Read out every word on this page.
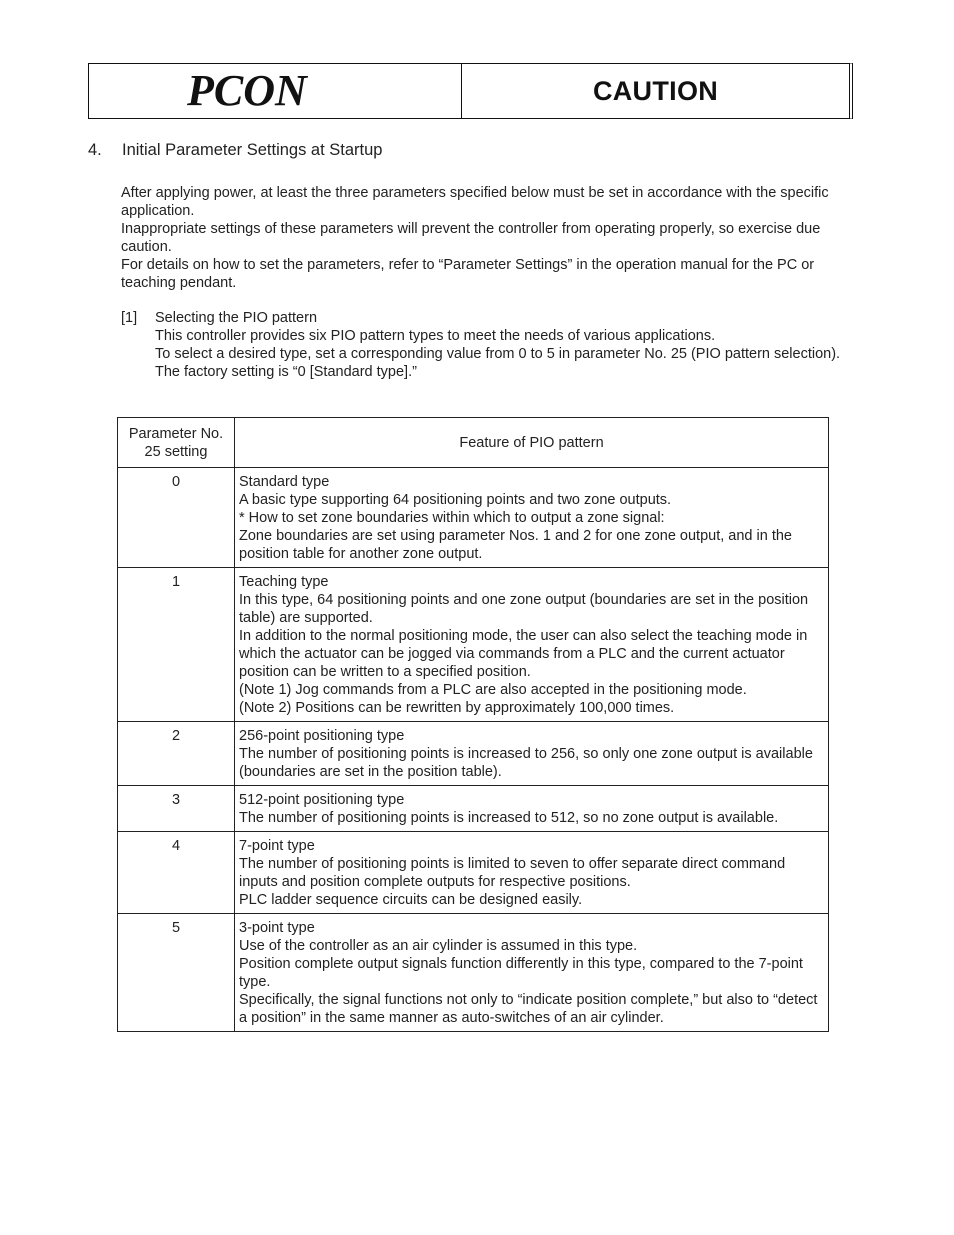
PCON	CAUTION
4. Initial Parameter Settings at Startup

After applying power, at least the three parameters specified below must be set in accordance with the specific application.

Inappropriate settings of these parameters will prevent the controller from operating properly, so exercise due caution.

For details on how to set the parameters, refer to “Parameter Settings” in the operation manual for the PC or teaching pendant.

[1]	Selecting the PIO pattern

This controller provides six PIO pattern types to meet the needs of various applications.

To select a desired type, set a corresponding value from 0 to 5 in parameter No. 25 (PIO pattern selection).

The factory setting is “0 [Standard type].”

Parameter No. 25 setting	Feature of PIO pattern
0	Standard type
A basic type supporting 64 positioning points and two zone outputs.
* How to set zone boundaries within which to output a zone signal:
Zone boundaries are set using parameter Nos. 1 and 2 for one zone output, and in the position table for another zone output.

1	Teaching type
In this type, 64 positioning points and one zone output (boundaries are set in the position table) are supported.
In addition to the normal positioning mode, the user can also select the teaching mode in which the actuator can be jogged via commands from a PLC and the current actuator position can be written to a specified position.
(Note 1) Jog commands from a PLC are also accepted in the positioning mode.
(Note 2) Positions can be rewritten by approximately 100,000 times.

2	256-point positioning type
The number of positioning points is increased to 256, so only one zone output is available (boundaries are set in the position table).

3	512-point positioning type
The number of positioning points is increased to 512, so no zone output is available.

4	7-point type
The number of positioning points is limited to seven to offer separate direct command inputs and position complete outputs for respective positions.
PLC ladder sequence circuits can be designed easily.

5	3-point type
Use of the controller as an air cylinder is assumed in this type.
Position complete output signals function differently in this type, compared to the 7-point type.
Specifically, the signal functions not only to “indicate position complete,” but also to “detect a position” in the same manner as auto-switches of an air cylinder.
